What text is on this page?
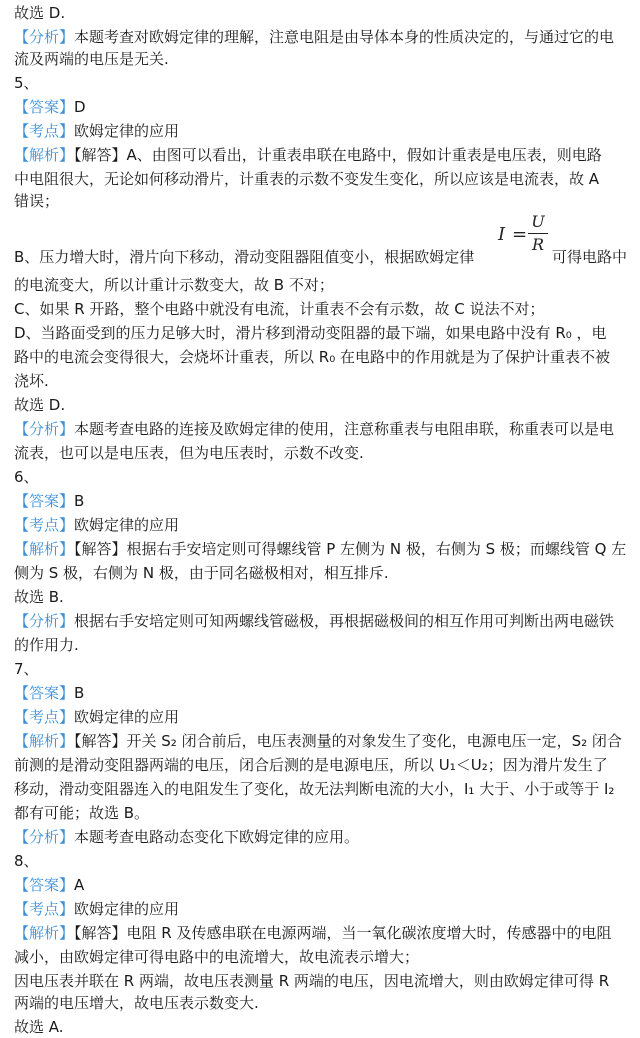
故选 D.
【分析】本题考查对欧姆定律的理解，注意电阻是由导体本身的性质决定的，与通过它的电
流及两端的电压是无关.
5、
【答案】D
【考点】欧姆定律的应用
【解析】【解答】A、由图可以看出，计重表串联在电路中，假如计重表是电压表，则电路
中电阻很大，无论如何移动滑片，计重表的示数不变发生变化，所以应该是电流表，故 A
错误；
B、压力增大时，滑片向下移动，滑动变阻器阻值变小，根据欧姆定律
I =
U
R
可得电路中
的电流变大，所以计重计示数变大，故 B 不对；
C、如果 R 开路，整个电路中就没有电流，计重表不会有示数，故 C 说法不对；
D、当路面受到的压力足够大时，滑片移到滑动变阻器的最下端，如果电路中没有 R₀ ，电
路中的电流会变得很大，会烧坏计重表，所以 R₀ 在电路中的作用就是为了保护计重表不被
浇坏.
故选 D.
【分析】本题考查电路的连接及欧姆定律的使用，注意称重表与电阻串联，称重表可以是电
流表，也可以是电压表，但为电压表时，示数不改变.
6、
【答案】B
【考点】欧姆定律的应用
【解析】【解答】根据右手安培定则可得螺线管 P 左侧为 N 极，右侧为 S 极；而螺线管 Q 左
侧为 S 极，右侧为 N 极，由于同名磁极相对，相互排斥.
故选 B.
【分析】根据右手安培定则可知两螺线管磁极，再根据磁极间的相互作用可判断出两电磁铁
的作用力.
7、
【答案】B
【考点】欧姆定律的应用
【解析】【解答】开关 S₂ 闭合前后，电压表测量的对象发生了变化，电源电压一定，S₂ 闭合
前测的是滑动变阻器两端的电压，闭合后测的是电源电压，所以 U₁＜U₂；因为滑片发生了
移动，滑动变阻器连入的电阻发生了变化，故无法判断电流的大小，I₁ 大于、小于或等于 I₂
都有可能；故选 B。
【分析】本题考查电路动态变化下欧姆定律的应用。
8、
【答案】A
【考点】欧姆定律的应用
【解析】【解答】电阻 R 及传感串联在电源两端，当一氧化碳浓度增大时，传感器中的电阻
减小，由欧姆定律可得电路中的电流增大，故电流表示增大；
因电压表并联在 R 两端，故电压表测量 R 两端的电压，因电流增大，则由欧姆定律可得 R
两端的电压增大，故电压表示数变大.
故选 A.
